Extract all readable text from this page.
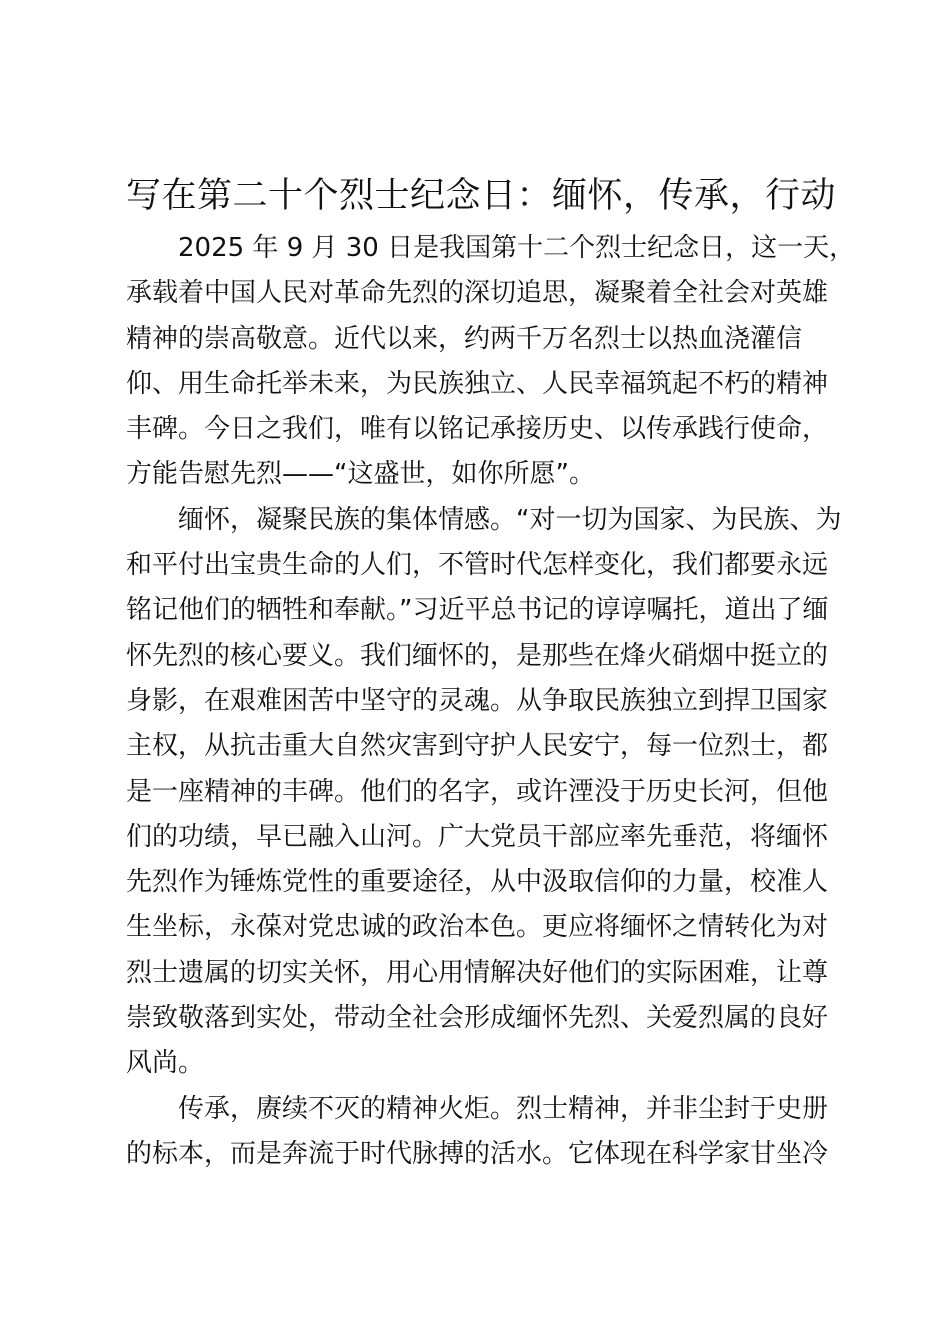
写在第二十个烈士纪念日：缅怀，传承，行动
2025 年 9 月 30 日是我国第十二个烈士纪念日，这一天，
承载着中国人民对革命先烈的深切追思，凝聚着全社会对英雄
精神的崇高敬意。近代以来，约两千万名烈士以热血浇灌信
仰、用生命托举未来，为民族独立、人民幸福筑起不朽的精神
丰碑。今日之我们，唯有以铭记承接历史、以传承践行使命，
方能告慰先烈——“这盛世，如你所愿”。
缅怀，凝聚民族的集体情感。“对一切为国家、为民族、为
和平付出宝贵生命的人们，不管时代怎样变化，我们都要永远
铭记他们的牺牲和奉献。”习近平总书记的谆谆嘱托，道出了缅
怀先烈的核心要义。我们缅怀的，是那些在烽火硝烟中挺立的
身影，在艰难困苦中坚守的灵魂。从争取民族独立到捍卫国家
主权，从抗击重大自然灾害到守护人民安宁，每一位烈士，都
是一座精神的丰碑。他们的名字，或许湮没于历史长河，但他
们的功绩，早已融入山河。广大党员干部应率先垂范，将缅怀
先烈作为锤炼党性的重要途径，从中汲取信仰的力量，校准人
生坐标，永葆对党忠诚的政治本色。更应将缅怀之情转化为对
烈士遗属的切实关怀，用心用情解决好他们的实际困难，让尊
崇致敬落到实处，带动全社会形成缅怀先烈、关爱烈属的良好
风尚。
传承，赓续不灭的精神火炬。烈士精神，并非尘封于史册
的标本，而是奔流于时代脉搏的活水。它体现在科学家甘坐冷
